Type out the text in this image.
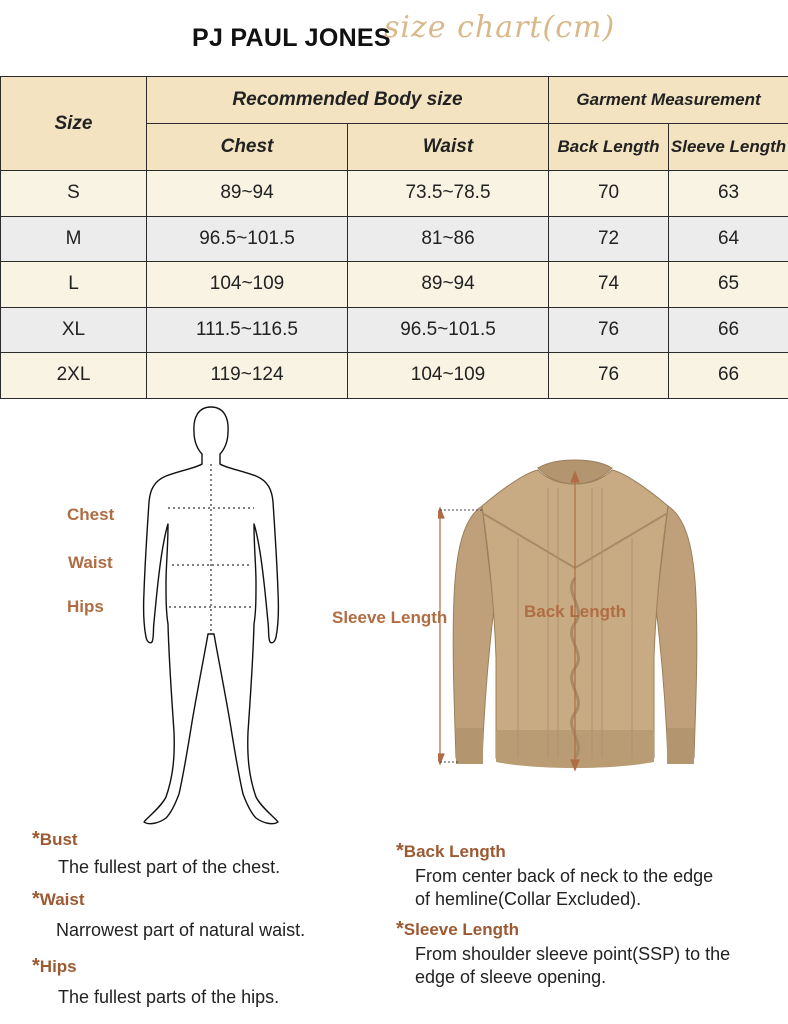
PJ PAUL JONES
size chart(cm)
Size	Recommended Body size		Garment Measurement	
	Chest	Waist	Back Length	Sleeve Length
S	89~94	73.5~78.5	70	63
M	96.5~101.5	81~86	72	64
L	104~109	89~94	74	65
XL	111.5~116.5	96.5~101.5	76	66
2XL	119~124	104~109	76	66
Chest
Waist
Hips
Sleeve Length	Back Length
*Bust
The fullest part of the chest.
*Waist
Narrowest part of natural waist.
*Hips
The fullest parts of the hips.
*Back Length
From center back of neck to the edge
of hemline(Collar Excluded).
*Sleeve Length
From shoulder sleeve point(SSP) to the
edge of sleeve opening.
